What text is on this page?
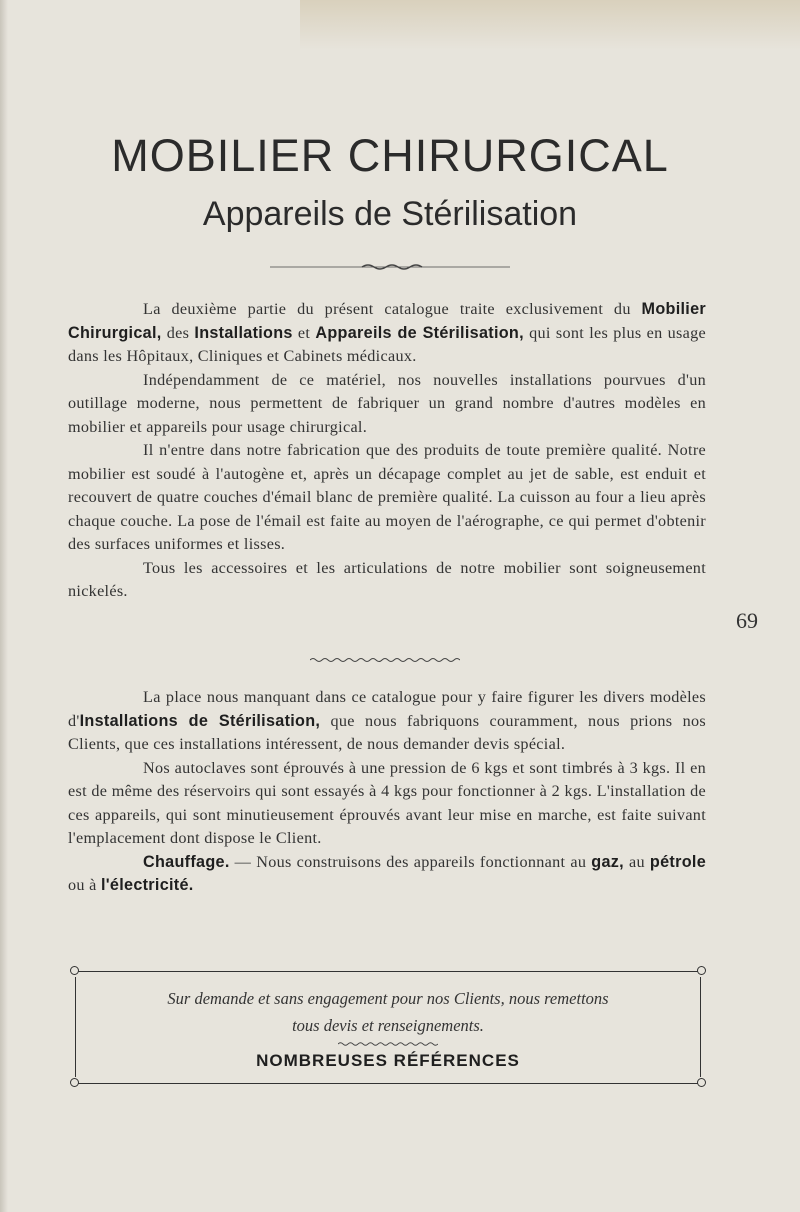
MOBILIER CHIRURGICAL
Appareils de Stérilisation
69

La deuxième partie du présent catalogue traite exclusivement du Mobilier Chirurgical, des Installations et Appareils de Stérilisation, qui sont les plus en usage dans les Hôpitaux, Cliniques et Cabinets médicaux.

Indépendamment de ce matériel, nos nouvelles installations pourvues d'un outillage moderne, nous permettent de fabriquer un grand nombre d'autres modèles en mobilier et appareils pour usage chirurgical.

Il n'entre dans notre fabrication que des produits de toute première qualité. Notre mobilier est soudé à l'autogène et, après un décapage complet au jet de sable, est enduit et recouvert de quatre couches d'émail blanc de première qualité. La cuisson au four a lieu après chaque couche. La pose de l'émail est faite au moyen de l'aérographe, ce qui permet d'obtenir des surfaces uniformes et lisses.

Tous les accessoires et les articulations de notre mobilier sont soigneusement nickelés.

La place nous manquant dans ce catalogue pour y faire figurer les divers modèles d'Installations de Stérilisation, que nous fabriquons couramment, nous prions nos Clients, que ces installations intéressent, de nous demander devis spécial.

Nos autoclaves sont éprouvés à une pression de 6 kgs et sont timbrés à 3 kgs. Il en est de même des réservoirs qui sont essayés à 4 kgs pour fonctionner à 2 kgs. L'installation de ces appareils, qui sont minutieusement éprouvés avant leur mise en marche, est faite suivant l'emplacement dont dispose le Client.

Chauffage. — Nous construisons des appareils fonctionnant au gaz, au pétrole ou à l'électricité.

Sur demande et sans engagement pour nos Clients, nous remettons
tous devis et renseignements.
NOMBREUSES RÉFÉRENCES
